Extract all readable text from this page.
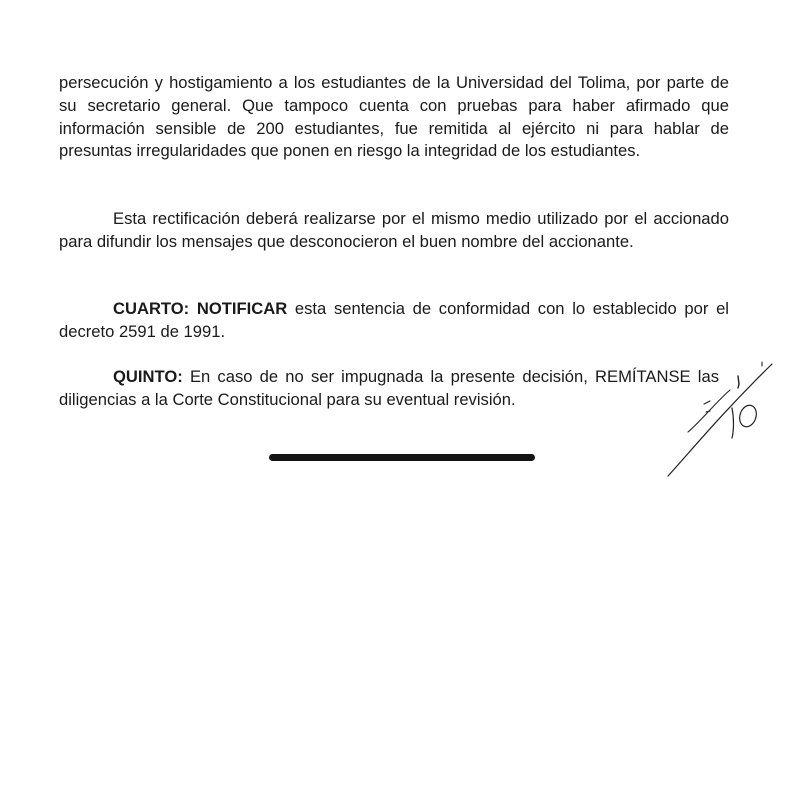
persecución y hostigamiento a los estudiantes de la Universidad del Tolima, por parte de su secretario general. Que tampoco cuenta con pruebas para haber afirmado que información sensible de 200 estudiantes, fue remitida al ejército ni para hablar de presuntas irregularidades que ponen en riesgo la integridad de los estudiantes.

Esta rectificación deberá realizarse por el mismo medio utilizado por el accionado para difundir los mensajes que desconocieron el buen nombre del accionante.

CUARTO: NOTIFICAR esta sentencia de conformidad con lo establecido por el decreto 2591 de 1991.

QUINTO: En caso de no ser impugnada la presente decisión, REMÍTANSE las diligencias a la Corte Constitucional para su eventual revisión.
